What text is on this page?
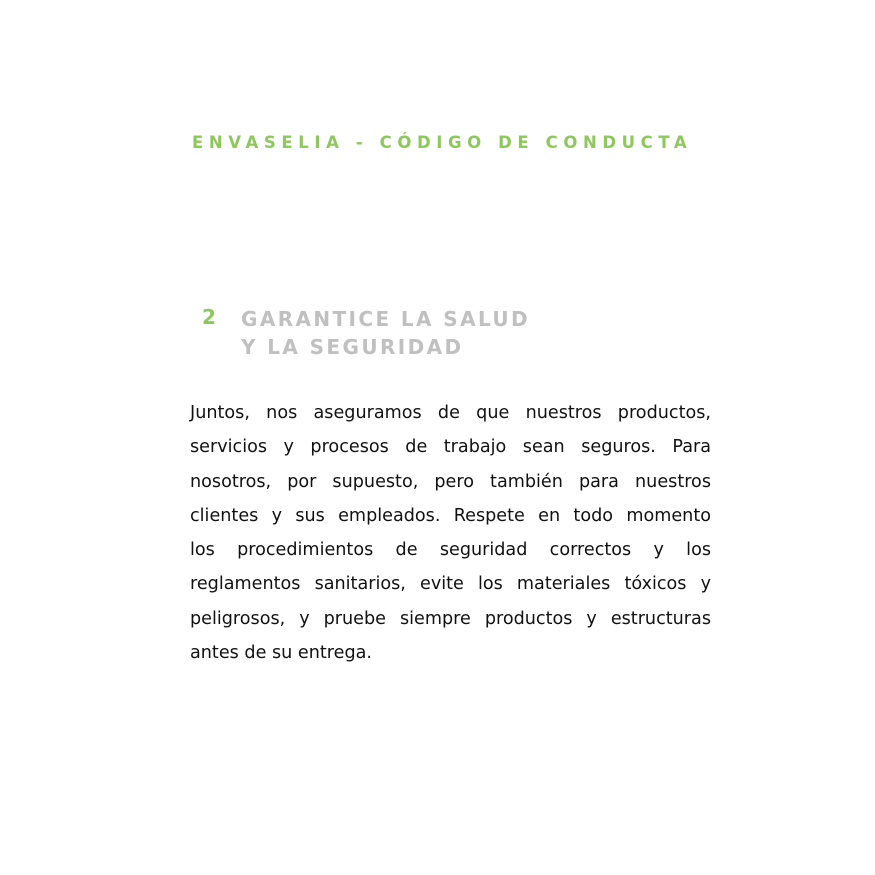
ENVASELIA - CÓDIGO DE CONDUCTA
2 GARANTICE LA SALUD
Y LA SEGURIDAD
Juntos, nos aseguramos de que nuestros productos,
servicios y procesos de trabajo sean seguros. Para
nosotros, por supuesto, pero también para nuestros
clientes y sus empleados. Respete en todo momento
los procedimientos de seguridad correctos y los
reglamentos sanitarios, evite los materiales tóxicos y
peligrosos, y pruebe siempre productos y estructuras
antes de su entrega.
